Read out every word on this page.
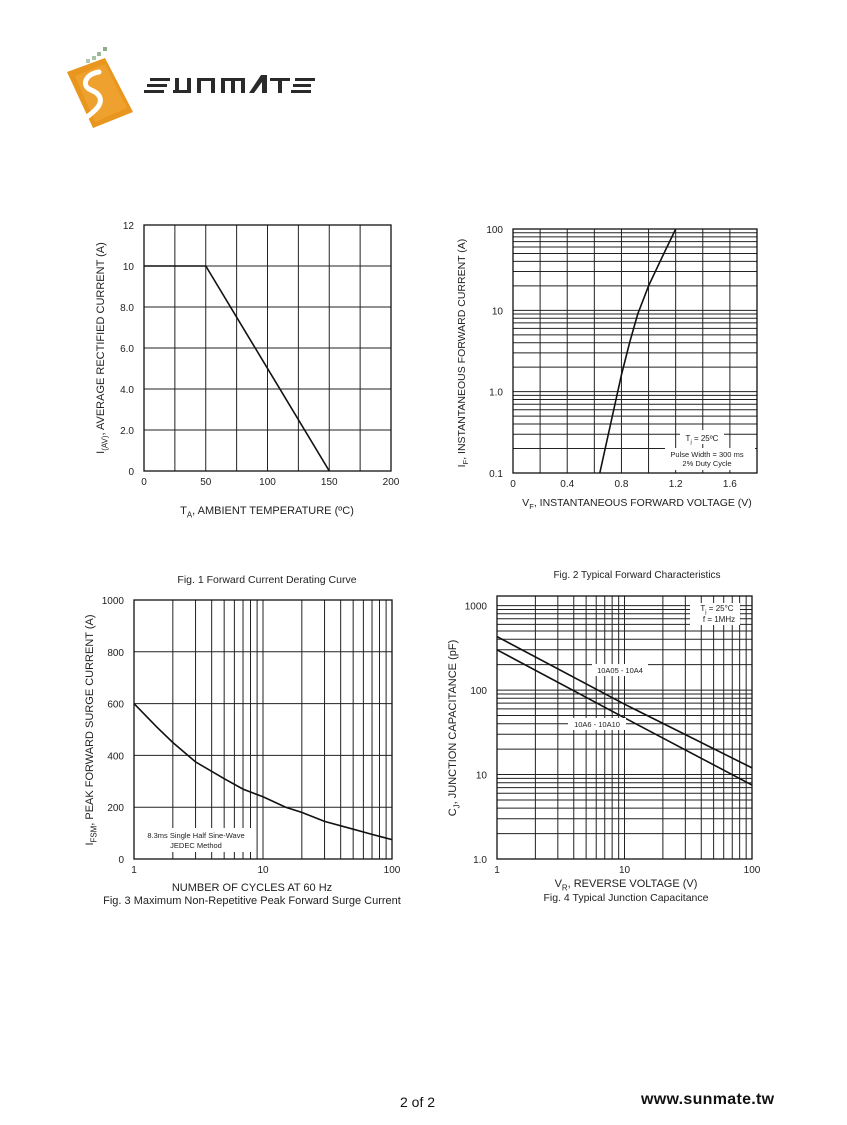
0	50	100	150	200
0
2.0
4.0
6.0
8.0
10
12
0	0.4	0.8	1.2	1.6
0.1
1.0
10
100
1	10	100
0
200
400
600
800
1000
1	10	100
1.0
10
100
1000
$T_A$, AMBIENT TEMPERATURE (ºC)
$I_{(AV)}$, AVERAGE RECTIFIED CURRENT (A)
Fig. 1 Forward Current Derating Curve
$V_F$, INSTANTANEOUS FORWARD VOLTAGE (V)
$I_F$, INSTANTANEOUS FORWARD CURRENT (A)
Fig. 2 Typical Forward Characteristics
$T_j$ = 25ºC
Pulse Width = 300 ms
2% Duty Cycle
NUMBER OF CYCLES AT 60 Hz
$I_{FSM}$, PEAK FORWARD SURGE CURRENT (A)
Fig. 3 Maximum Non-Repetitive Peak Forward Surge Current
8.3ms Single Half Sine-Wave
JEDEC Method
$V_R$, REVERSE VOLTAGE (V)
$C_J$, JUNCTION CAPACITANCE (pF)
Fig. 4 Typical Junction Capacitance
$T_j = 25^\circ C$
f = 1MHz
10A05 - 10A4
10A6 - 10A10
2 of 2	www.sunmate.tw
